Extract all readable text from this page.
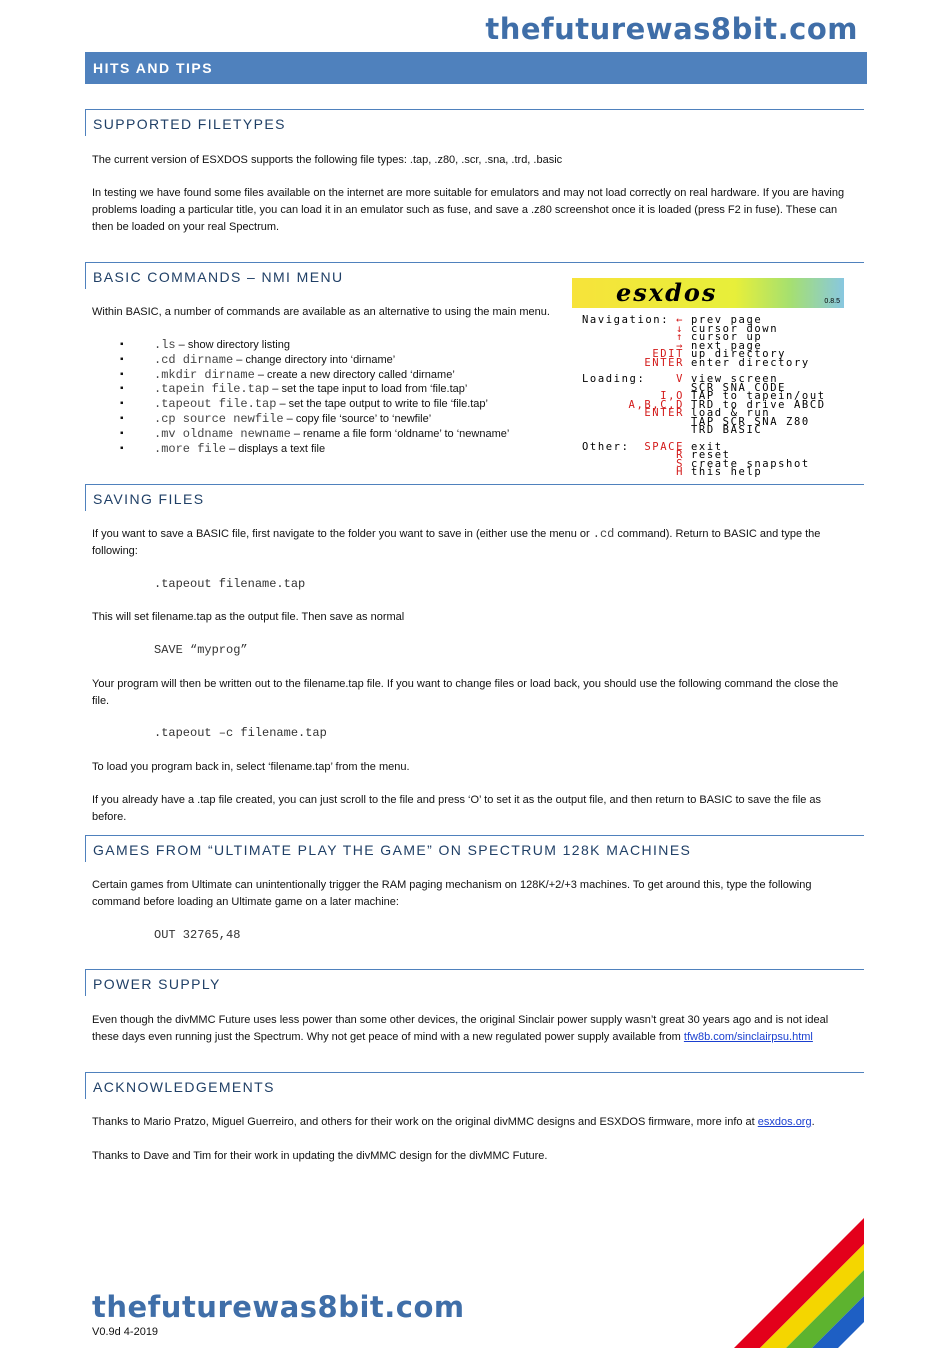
thefuturewas8bit.com
HITS AND TIPS
SUPPORTED FILETYPES
The current version of ESXDOS supports the following file types: .tap, .z80, .scr, .sna, .trd, .basic
In testing we have found some files available on the internet are more suitable for emulators and may not load correctly on real hardware. If you are having problems loading a particular title, you can load it in an emulator such as fuse, and save a .z80 screenshot once it is loaded (press F2 in fuse). These can then be loaded on your real Spectrum.
BASIC COMMANDS – NMI MENU
Within BASIC, a number of commands are available as an alternative to using the main menu.
▪ .ls – show directory listing
▪ .cd dirname – change directory into ‘dirname’
▪ .mkdir dirname – create a new directory called ‘dirname’
▪ .tapein file.tap – set the tape input to load from ‘file.tap’
▪ .tapeout file.tap – set the tape output to write to file ‘file.tap’
▪ .cp source newfile – copy file ‘source’ to ‘newfile’
▪ .mv oldname newname – rename a file form ‘oldname’ to ‘newname’
▪ .more file – displays a text file
esxdos	0.8.5
Navigation: ← prev page
↓ cursor down
↑ cursor up
→ next page
EDIT up directory
ENTER enter directory
Loading:	V view screen
SCR SNA CODE
I,O TAP to tapein/out
A,B,C,D TRD to drive ABCD
ENTER load & run
TAP SCR SNA Z80
TRD BASIC
Other: SPACE exit
R reset
S create snapshot
H this help
SAVING FILES
If you want to save a BASIC file, first navigate to the folder you want to save in (either use the menu or .cd command). Return to BASIC and type the following:
.tapeout filename.tap
This will set filename.tap as the output file. Then save as normal
SAVE “myprog”
Your program will then be written out to the filename.tap file. If you want to change files or load back, you should use the following command the close the file.
.tapeout –c filename.tap
To load you program back in, select ‘filename.tap’ from the menu.
If you already have a .tap file created, you can just scroll to the file and press ‘O’ to set it as the output file, and then return to BASIC to save the file as before.
GAMES FROM “ULTIMATE PLAY THE GAME” ON SPECTRUM 128K MACHINES
Certain games from Ultimate can unintentionally trigger the RAM paging mechanism on 128K/+2/+3 machines. To get around this, type the following command before loading an Ultimate game on a later machine:
OUT 32765,48
POWER SUPPLY
Even though the divMMC Future uses less power than some other devices, the original Sinclair power supply wasn’t great 30 years ago and is not ideal these days even running just the Spectrum. Why not get peace of mind with a new regulated power supply available from tfw8b.com/sinclairpsu.html
ACKNOWLEDGEMENTS
Thanks to Mario Pratzo, Miguel Guerreiro, and others for their work on the original divMMC designs and ESXDOS firmware, more info at esxdos.org.
Thanks to Dave and Tim for their work in updating the divMMC design for the divMMC Future.
thefuturewas8bit.com
V0.9d 4-2019
